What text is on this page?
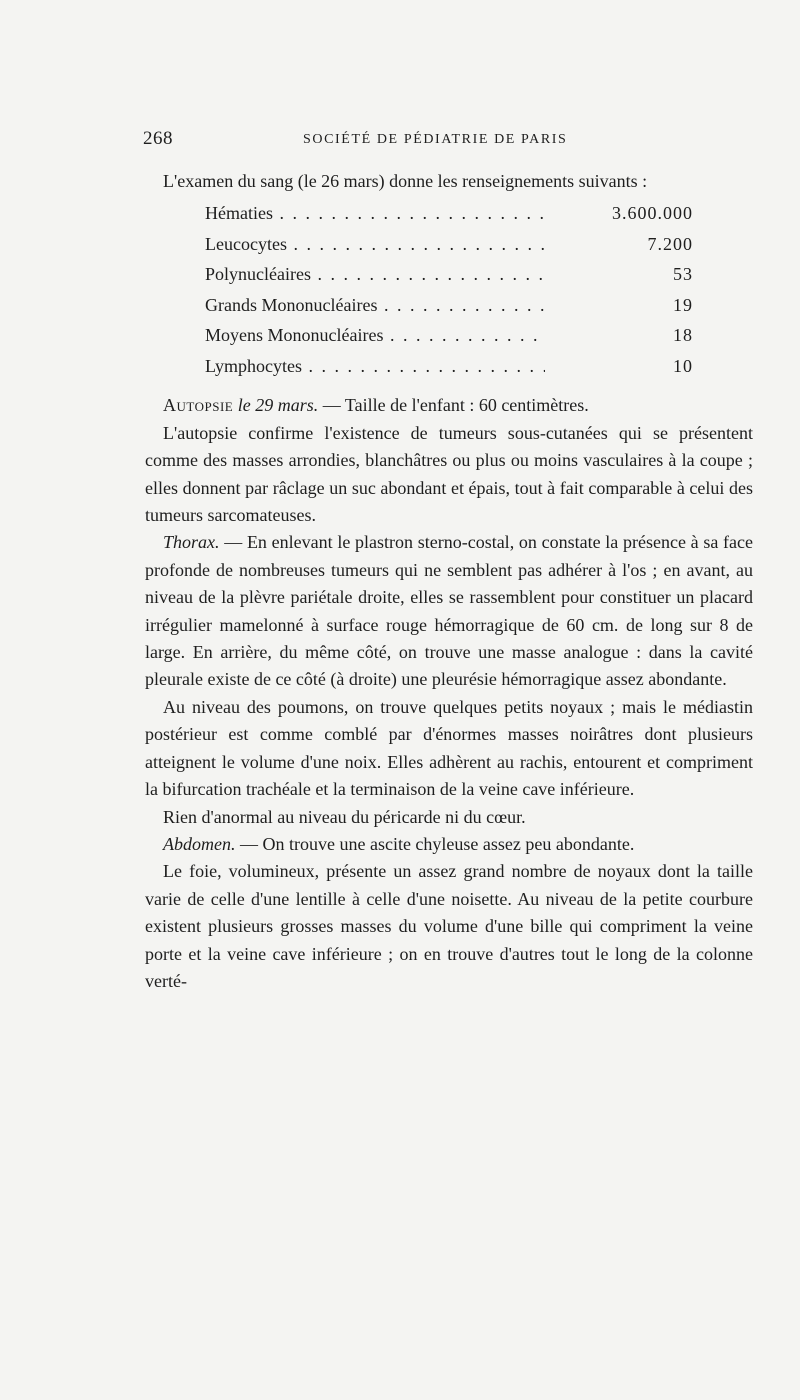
268	SOCIÉTÉ DE PÉDIATRIE DE PARIS

L'examen du sang (le 26 mars) donne les renseignements suivants :

Hématies . . .	3.600.000
Leucocytes . . .	7.200
Polynucléaires . . .	53
Grands Mononucléaires . . .	19
Moyens Mononucléaires . . .	18
Lymphocytes . . .	10

Autopsie le 29 mars. — Taille de l'enfant : 60 centimètres.

L'autopsie confirme l'existence de tumeurs sous-cutanées qui se présentent comme des masses arrondies, blanchâtres ou plus ou moins vasculaires à la coupe ; elles donnent par râclage un suc abondant et épais, tout à fait comparable à celui des tumeurs sarcomateuses.

Thorax. — En enlevant le plastron sterno-costal, on constate la présence à sa face profonde de nombreuses tumeurs qui ne semblent pas adhérer à l'os ; en avant, au niveau de la plèvre pariétale droite, elles se rassemblent pour constituer un placard irrégulier mamelonné à surface rouge hémorragique de 60 cm. de long sur 8 de large. En arrière, du même côté, on trouve une masse analogue : dans la cavité pleurale existe de ce côté (à droite) une pleurésie hémorragique assez abondante.

Au niveau des poumons, on trouve quelques petits noyaux ; mais le médiastin postérieur est comme comblé par d'énormes masses noirâtres dont plusieurs atteignent le volume d'une noix. Elles adhèrent au rachis, entourent et compriment la bifurcation trachéale et la terminaison de la veine cave inférieure.

Rien d'anormal au niveau du péricarde ni du cœur.

Abdomen. — On trouve une ascite chyleuse assez peu abondante.

Le foie, volumineux, présente un assez grand nombre de noyaux dont la taille varie de celle d'une lentille à celle d'une noisette. Au niveau de la petite courbure existent plusieurs grosses masses du volume d'une bille qui compriment la veine porte et la veine cave inférieure ; on en trouve d'autres tout le long de la colonne verté-
